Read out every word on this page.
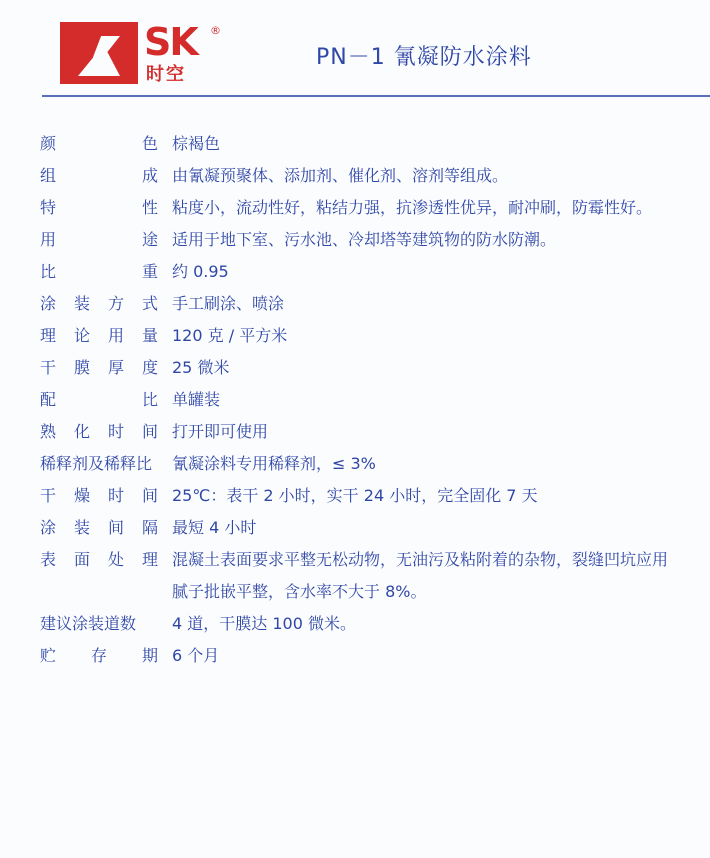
® SK ®
时空
PN－1 氰凝防水涂料
颜	色 棕褐色
组	成 由氰凝预聚体、添加剂、催化剂、溶剂等组成。
特	性 粘度小，流动性好，粘结力强，抗渗透性优异，耐冲刷，防霉性好。
用	途 适用于地下室、污水池、冷却塔等建筑物的防水防潮。
比	重 约 0.95
涂 装 方 式 手工刷涂、喷涂
理 论 用 量 120 克 / 平方米
干 膜 厚 度 25 微米
配	比 单罐装
熟 化 时 间 打开即可使用
稀释剂及稀释比 氰凝涂料专用稀释剂，≤ 3%
干 燥 时 间 25℃：表干 2 小时，实干 24 小时，完全固化 7 天
涂 装 间 隔 最短 4 小时
表 面 处 理 混凝土表面要求平整无松动物，无油污及粘附着的杂物，裂缝凹坑应用腻子批嵌平整，含水率不大于 8%。
建议涂装道数 4 道，干膜达 100 微米。
贮 存 期 6 个月
